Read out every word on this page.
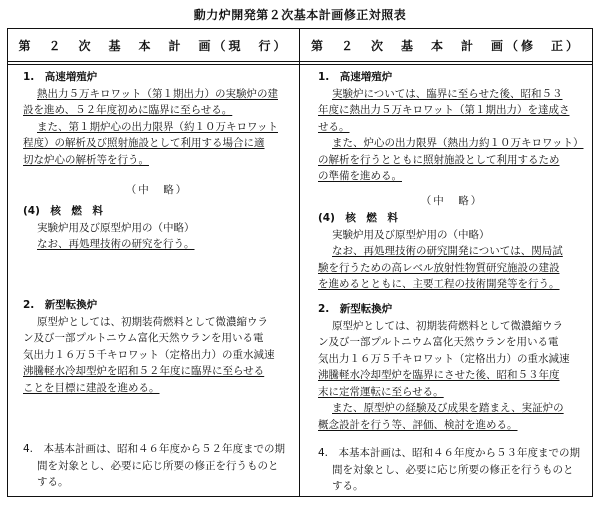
動力炉開発第２次基本計画修正対照表
第　２　次　基　本　計　画（現　行）	第　２　次　基　本　計　画（修　正）
1.　高速増殖炉
熱出力５万キロワット（第１期出力）の実験炉の建
設を進め、５２年度初めに臨界に至らせる。
また、第１期炉心の出力限界（約１０万キロワット
程度）の解析及び照射施設として利用する場合に適
切な炉心の解析等を行う。
（中　略）
(4)　核　燃　料
実験炉用及び原型炉用の（中略）
なお、再処理技術の研究を行う。
2.　新型転換炉
原型炉としては、初期装荷燃料として微濃縮ウラ
ン及び一部プルトニウム富化天然ウランを用いる電
気出力１６万５千キロワット（定格出力）の重水減速
沸騰軽水冷却型炉を昭和５２年度に臨界に至らせる
ことを目標に建設を進める。
4.　本基本計画は、昭和４６年度から５２年度までの期
間を対象とし、必要に応じ所要の修正を行うものと
する。
1.　高速増殖炉
実験炉については、臨界に至らせた後、昭和５３
年度に熱出力５万キロワット（第１期出力）を達成さ
せる。
また、炉心の出力限界（熱出力約１０万キロワット）
の解析を行うとともに照射施設として利用するため
の準備を進める。
（中　略）
(4)　核　燃　料
実験炉用及び原型炉用の（中略）
なお、再処理技術の研究開発については、関局試
験を行うための高レベル放射性物質研究施設の建設
を進めるとともに、主要工程の技術開発等を行う。
2.　新型転換炉
原型炉としては、初期装荷燃料として微濃縮ウラ
ン及び一部プルトニウム富化天然ウランを用いる電
気出力１６万５千キロワット（定格出力）の重水減速
沸騰軽水冷却型炉を臨界にさせた後、昭和５３年度
末に定常運転に至らせる。
また、原型炉の経験及び成果を踏まえ、実証炉の
概念設計を行う等、評価、検討を進める。
4.　本基本計画は、昭和４６年度から５３年度までの期
間を対象とし、必要に応じ所要の修正を行うものと
する。
